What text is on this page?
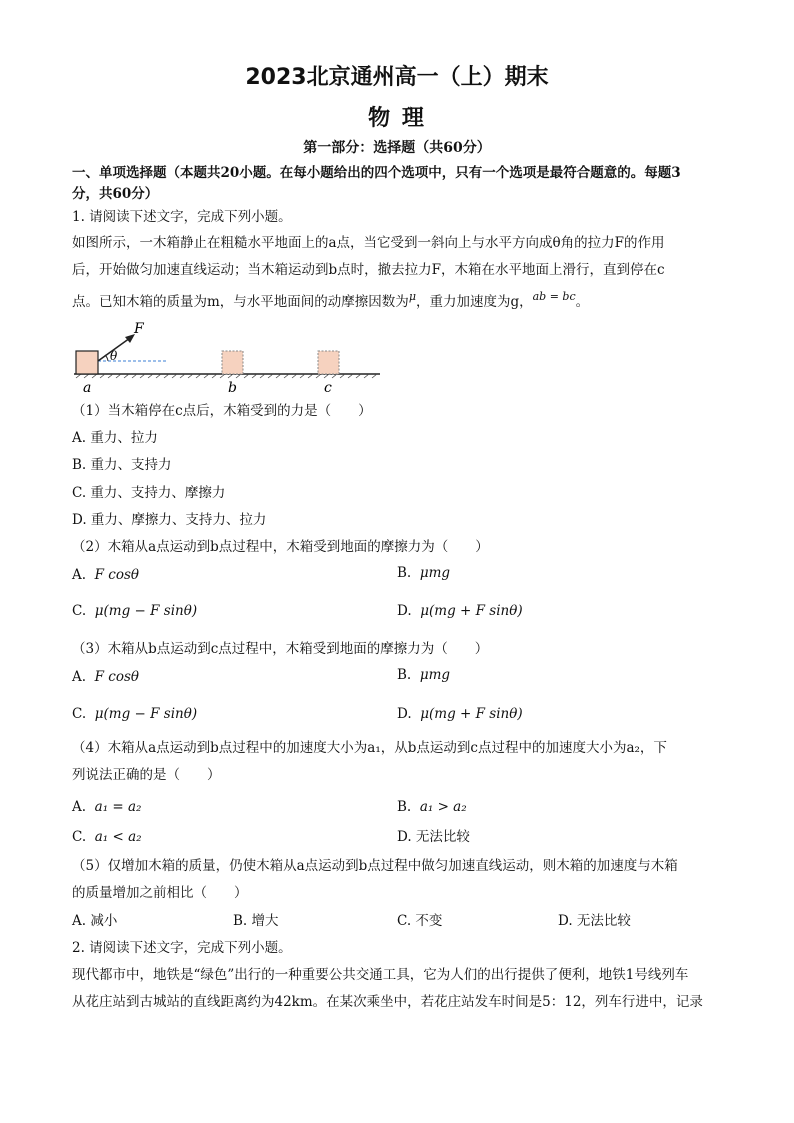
2023北京通州高一（上）期末
物 理
第一部分：选择题（共60分）
一、单项选择题（本题共20小题。在每小题给出的四个选项中，只有一个选项是最符合题意的。每题3
分，共60分）
1. 请阅读下述文字，完成下列小题。
如图所示，一木箱静止在粗糙水平地面上的a点，当它受到一斜向上与水平方向成θ角的拉力F的作用
后，开始做匀加速直线运动；当木箱运动到b点时，撤去拉力F，木箱在水平地面上滑行，直到停在c
点。已知木箱的质量为m，与水平地面间的动摩擦因数为$^\mu$，重力加速度为g，$^{ab = bc}$。
F
θ
a	b	c
（1）当木箱停在c点后，木箱受到的力是（　　）
A. 重力、拉力
B. 重力、支持力
C. 重力、支持力、摩擦力
D. 重力、摩擦力、支持力、拉力
（2）木箱从a点运动到b点过程中，木箱受到地面的摩擦力为（　　）
A. F cosθ	B. μmg
C. μ(mg − F sinθ)	D. μ(mg + F sinθ)
（3）木箱从b点运动到c点过程中，木箱受到地面的摩擦力为（　　）
A. F cosθ	B. μmg
C. μ(mg − F sinθ)	D. μ(mg + F sinθ)
（4）木箱从a点运动到b点过程中的加速度大小为a₁，从b点运动到c点过程中的加速度大小为a₂，下
列说法正确的是（　　）
A. a₁ = a₂	B. a₁ > a₂
C. a₁ < a₂	D. 无法比较
（5）仅增加木箱的质量，仍使木箱从a点运动到b点过程中做匀加速直线运动，则木箱的加速度与木箱
的质量增加之前相比（　　）
A. 减小	B. 增大	C. 不变	D. 无法比较
2. 请阅读下述文字，完成下列小题。
现代都市中，地铁是“绿色”出行的一种重要公共交通工具，它为人们的出行提供了便利，地铁1号线列车
从花庄站到古城站的直线距离约为42km。在某次乘坐中，若花庄站发车时间是5：12，列车行进中，记录
